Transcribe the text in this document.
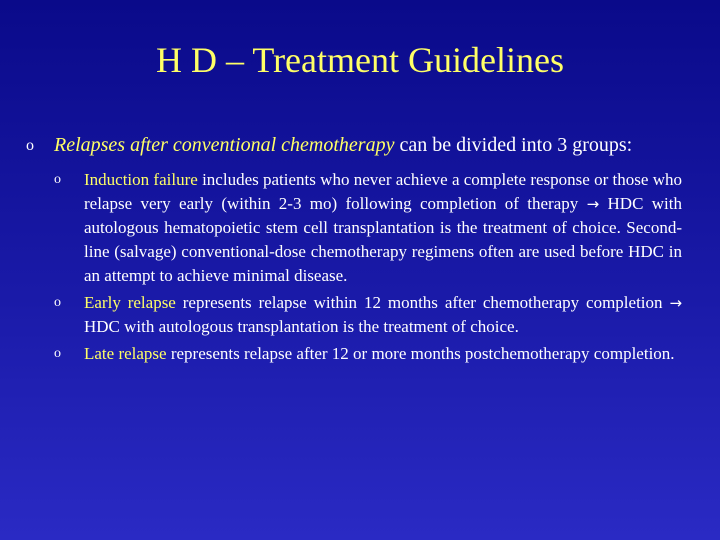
H D – Treatment Guidelines
o Relapses after conventional chemotherapy can be divided into 3 groups:
o Induction failure includes patients who never achieve a complete response or those who relapse very early (within 2-3 mo) following completion of therapy → HDC with autologous hematopoietic stem cell transplantation is the treatment of choice. Second-line (salvage) conventional-dose chemotherapy regimens often are used before HDC in an attempt to achieve minimal disease.
o Early relapse represents relapse within 12 months after chemotherapy completion → HDC with autologous transplantation is the treatment of choice.
o Late relapse represents relapse after 12 or more months postchemotherapy completion.
